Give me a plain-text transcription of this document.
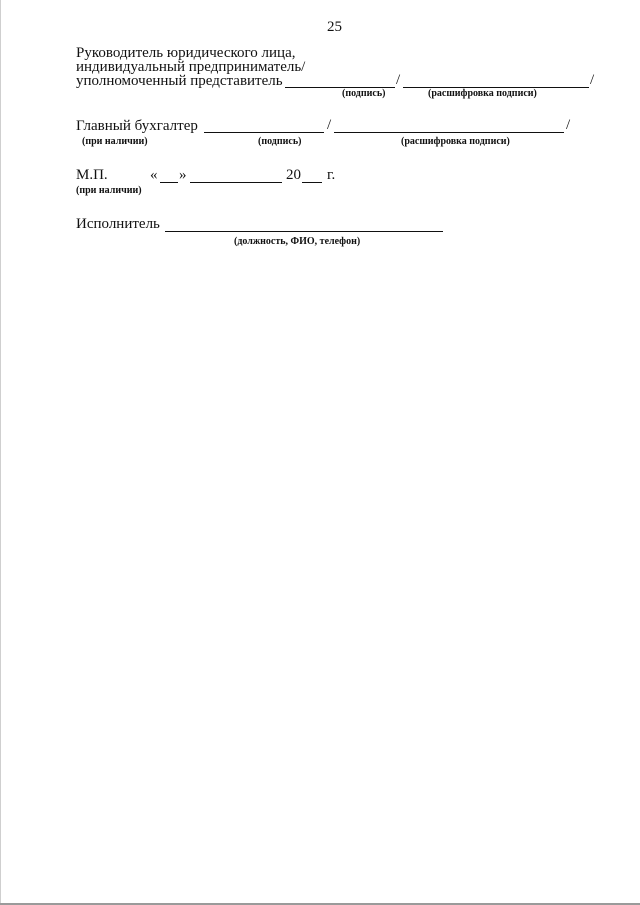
25
Руководитель юридического лица,
индивидуальный предприниматель/
уполномоченный представитель	/	/
(подпись)	(расшифровка подписи)
Главный бухгалтер	/	/
(при наличии)	(подпись)	(расшифровка подписи)
М.П.	« »	20 г.
(при наличии)
Исполнитель
(должность, ФИО, телефон)
